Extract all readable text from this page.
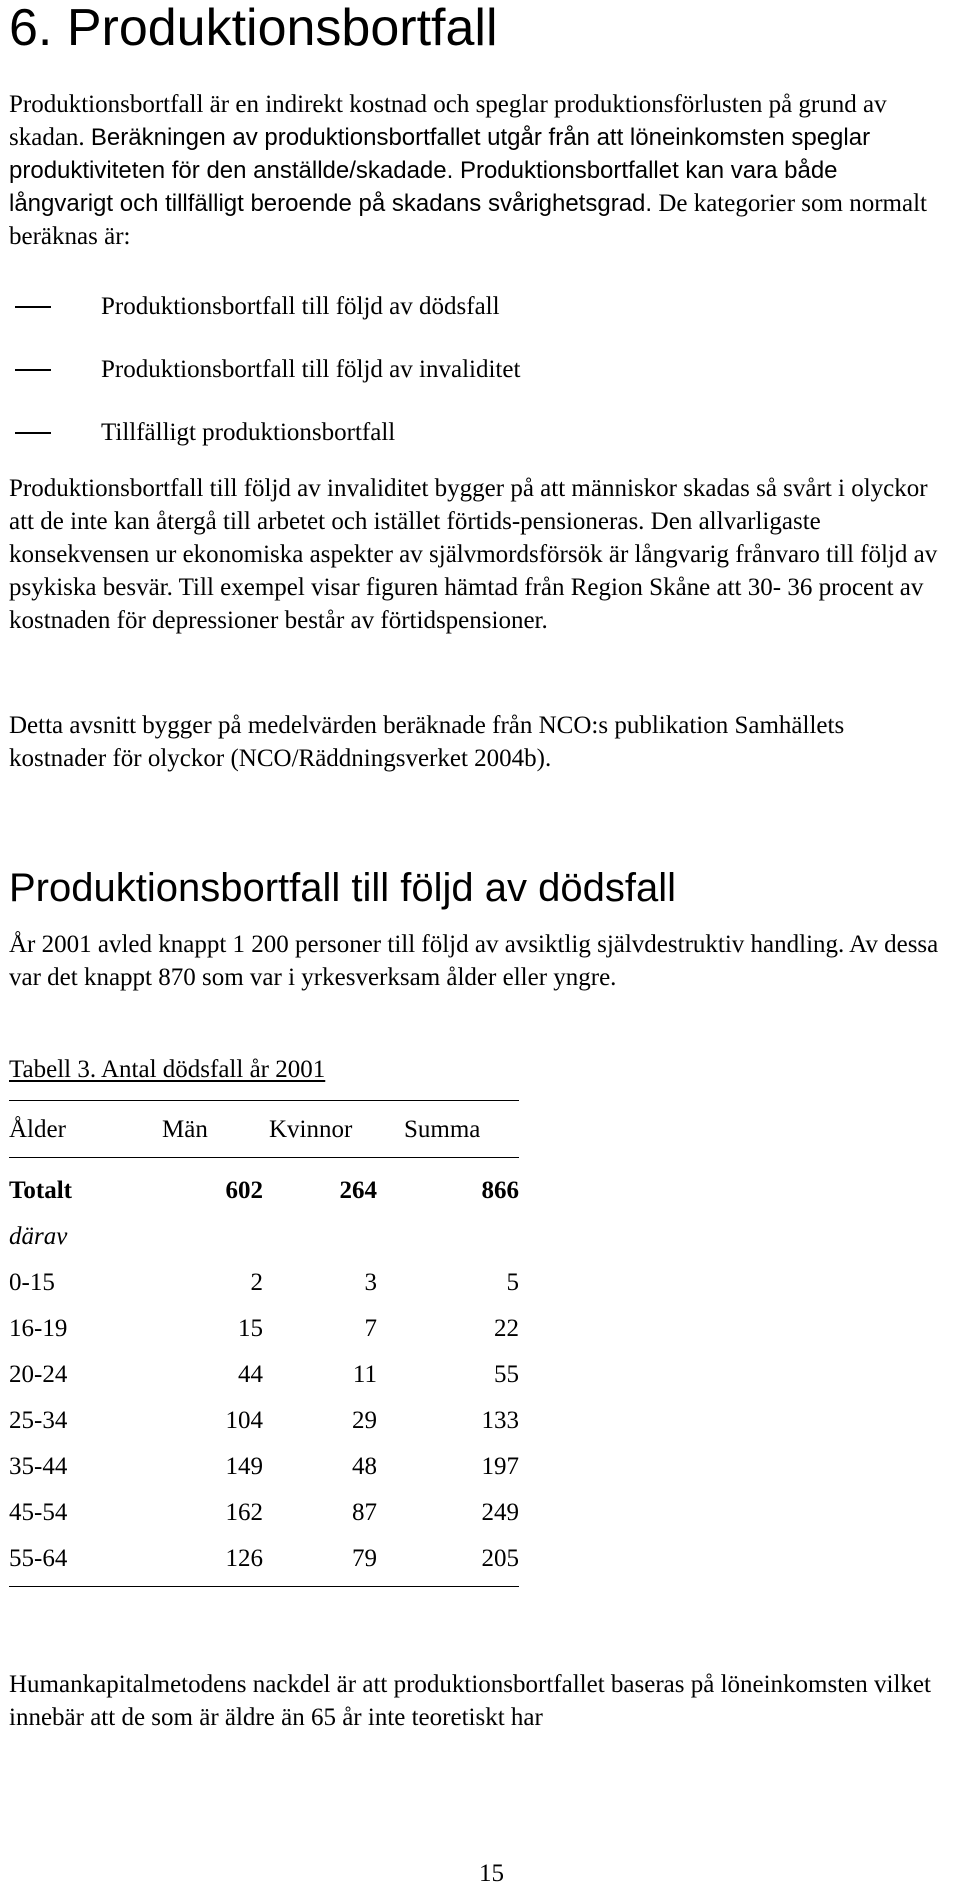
6. Produktionsbortfall

Produktionsbortfall är en indirekt kostnad och speglar produktionsförlusten på grund av skadan. Beräkningen av produktionsbortfallet utgår från att löneinkomsten speglar produktiviteten för den anställde/skadade. Produktionsbortfallet kan vara både långvarigt och tillfälligt beroende på skadans svårighetsgrad. De kategorier som normalt beräknas är:

Produktionsbortfall till följd av dödsfall
Produktionsbortfall till följd av invaliditet
Tillfälligt produktionsbortfall

Produktionsbortfall till följd av invaliditet bygger på att människor skadas så svårt i olyckor att de inte kan återgå till arbetet och istället förtids-pensioneras. Den allvarligaste konsekvensen ur ekonomiska aspekter av självmordsförsök är långvarig frånvaro till följd av psykiska besvär. Till exempel visar figuren hämtad från Region Skåne att 30- 36 procent av kostnaden för depressioner består av förtidspensioner.

Detta avsnitt bygger på medelvärden beräknade från NCO:s publikation Samhällets kostnader för olyckor (NCO/Räddningsverket 2004b).

Produktionsbortfall till följd av dödsfall

År 2001 avled knappt 1 200 personer till följd av avsiktlig självdestruktiv handling. Av dessa var det knappt 870 som var i yrkesverksam ålder eller yngre.

Tabell 3. Antal dödsfall år 2001
Ålder	Män Kvinnor Summa
Totalt	602	264	866
därav
0-15	2	3	5
16-19	15	7	22
20-24	44	11	55
25-34	104	29	133
35-44	149	48	197
45-54	162	87	249
55-64	126	79	205

Humankapitalmetodens nackdel är att produktionsbortfallet baseras på löneinkomsten vilket innebär att de som är äldre än 65 år inte teoretiskt har

15
